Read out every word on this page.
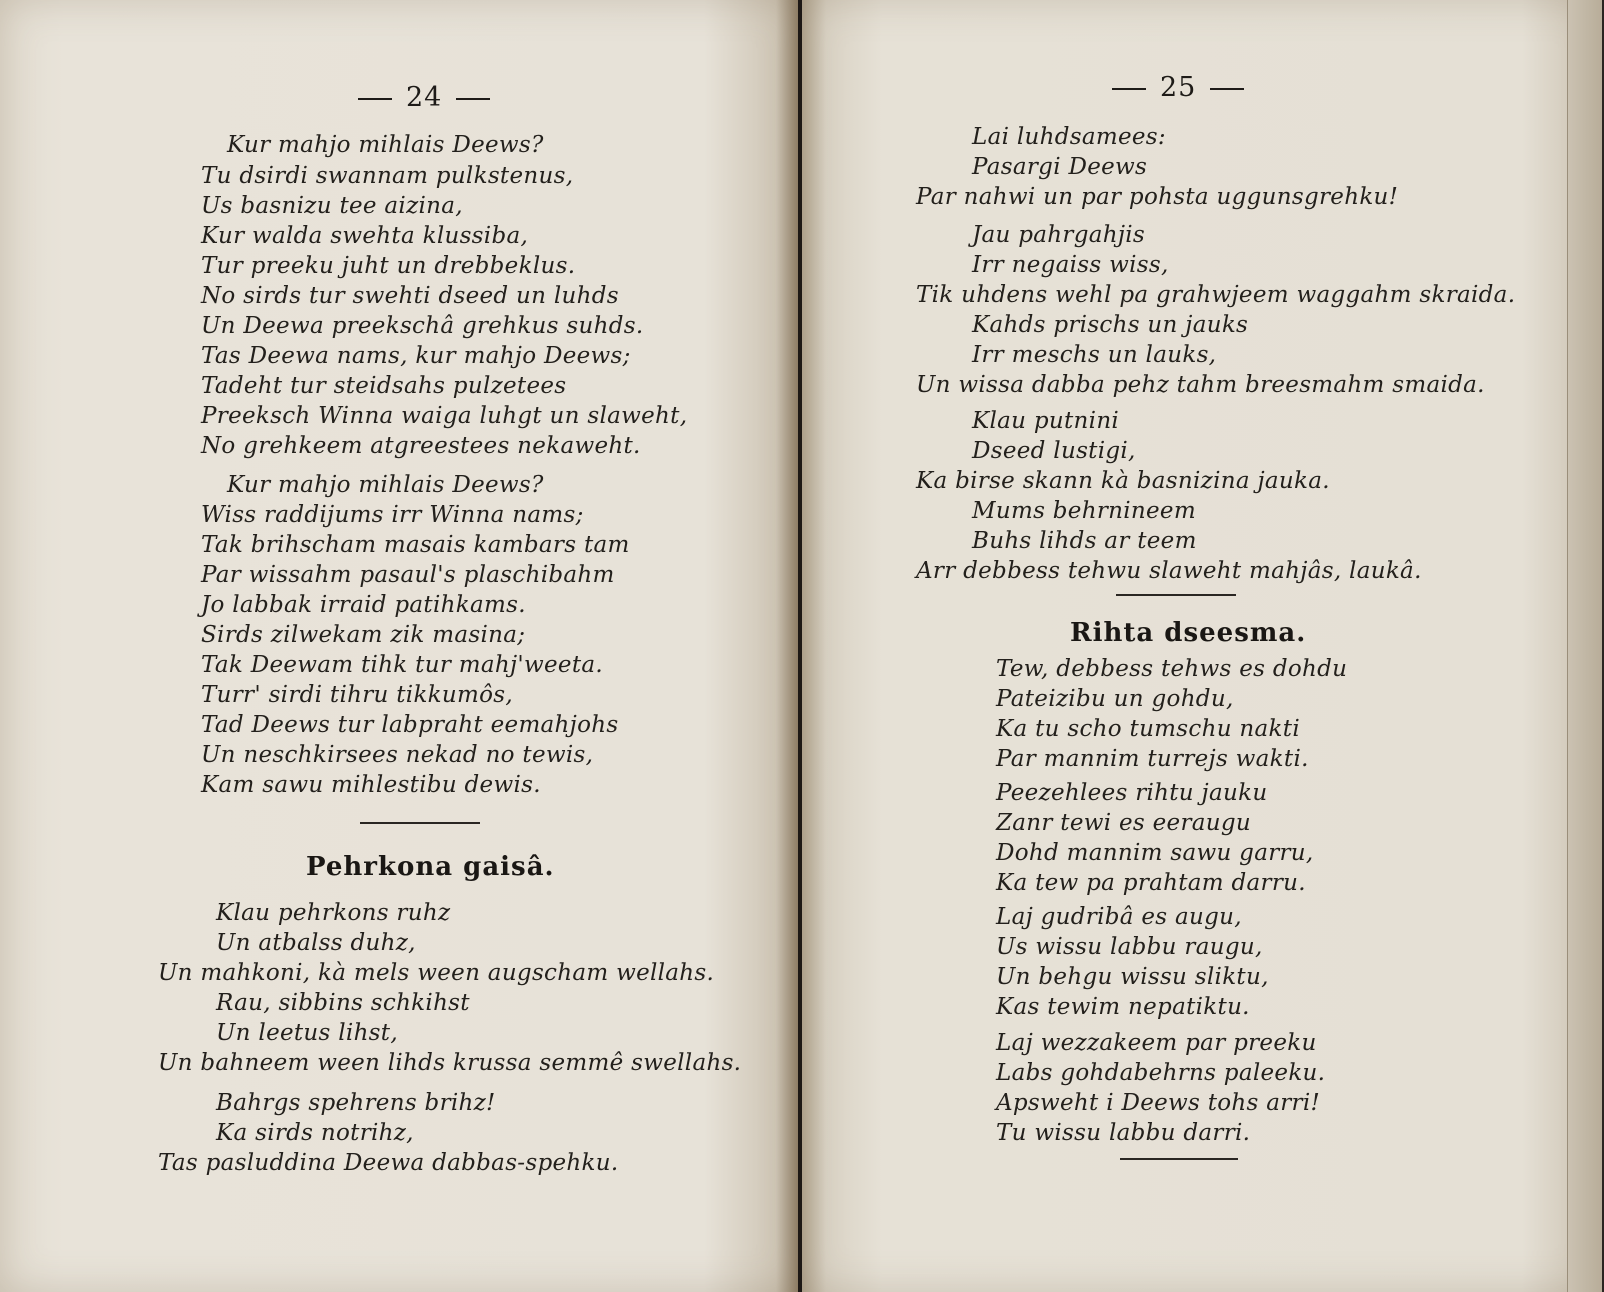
24
Kur mahjo mihlais Deews?
Tu dsirdi swannam pulkstenus,
Us basnizu tee aizina,
Kur walda swehta klussiba,
Tur preeku juht un drebbeklus.
No sirds tur swehti dseed un luhds
Un Deewa preekschâ grehkus suhds.
Tas Deewa nams, kur mahjo Deews;
Tadeht tur steidsahs pulzetees
Preeksch Winna waiga luhgt un slaweht,
No grehkeem atgreestees nekaweht.
Kur mahjo mihlais Deews?
Wiss raddijums irr Winna nams;
Tak brihscham masais kambars tam
Par wissahm pasaul's plaschibahm
Jo labbak irraid patihkams.
Sirds zilwekam zik masina;
Tak Deewam tihk tur mahj'weeta.
Turr' sirdi tihru tikkumôs,
Tad Deews tur labpraht eemahjohs
Un neschkirsees nekad no tewis,
Kam sawu mihlestibu dewis.
Pehrkona gaisâ.
Klau pehrkons ruhz
Un atbalss duhz,
Un mahkoni, kà mels ween augscham wellahs.
Rau, sibbins schkihst
Un leetus lihst,
Un bahneem ween lihds krussa semmê swellahs.
Bahrgs spehrens brihz!
Ka sirds notrihz,
Tas pasluddina Deewa dabbas-spehku.
25
Lai luhdsamees:
Pasargi Deews
Par nahwi un par pohsta uggunsgrehku!
Jau pahrgahjis
Irr negaiss wiss,
Tik uhdens wehl pa grahwjeem waggahm skraida.
Kahds prischs un jauks
Irr meschs un lauks,
Un wissa dabba pehz tahm breesmahm smaida.
Klau putnini
Dseed lustigi,
Ka birse skann kà basnizina jauka.
Mums behrnineem
Buhs lihds ar teem
Arr debbess tehwu slaweht mahjâs, laukâ.
Rihta dseesma.
Tew, debbess tehws es dohdu
Pateizibu un gohdu,
Ka tu scho tumschu nakti
Par mannim turrejs wakti.
Peezehlees rihtu jauku
Zanr tewi es eeraugu
Dohd mannim sawu garru,
Ka tew pa prahtam darru.
Laj gudribâ es augu,
Us wissu labbu raugu,
Un behgu wissu sliktu,
Kas tewim nepatiktu.
Laj wezzakeem par preeku
Labs gohdabehrns paleeku.
Apsweht i Deews tohs arri!
Tu wissu labbu darri.
